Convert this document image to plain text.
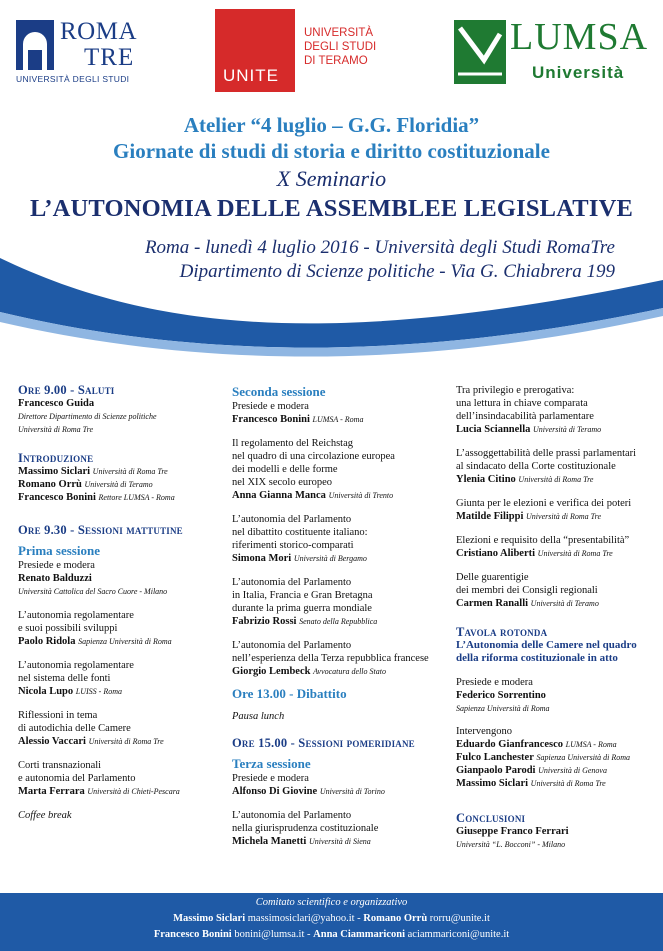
ROMA
TRE
UNIVERSITÀ DEGLI STUDI	UNITE
UNIVERSITÀ
DEGLI STUDI
DI TERAMO
LUMSA
Università
Atelier “4 luglio – G.G. Floridia”
Giornate di studi di storia e diritto costituzionale
X Seminario
L’AUTONOMIA DELLE ASSEMBLEE LEGISLATIVE
Roma - lunedì 4 luglio 2016 - Università degli Studi RomaTre
Dipartimento di Scienze politiche - Via G. Chiabrera 199
Ore 9.00 - Saluti
Francesco Guida
Direttore Dipartimento di Scienze politiche
Università di Roma Tre
Introduzione
Massimo Siclari Università di Roma Tre
Romano Orrù Università di Teramo
Francesco Bonini Rettore LUMSA - Roma
Ore 9.30 - Sessioni mattutine
Prima sessione
Presiede e modera
Renato Balduzzi
Università Cattolica del Sacro Cuore - Milano
L’autonomia regolamentare
e suoi possibili sviluppi
Paolo Ridola Sapienza Università di Roma
L’autonomia regolamentare
nel sistema delle fonti
Nicola Lupo LUISS - Roma
Riflessioni in tema
di autodichia delle Camere
Alessio Vaccari Università di Roma Tre
Corti transnazionali
e autonomia del Parlamento
Marta Ferrara Università di Chieti-Pescara
Coffee break
Seconda sessione
Presiede e modera
Francesco Bonini LUMSA - Roma
Il regolamento del Reichstag
nel quadro di una circolazione europea
dei modelli e delle forme
nel XIX secolo europeo
Anna Gianna Manca Università di Trento
L’autonomia del Parlamento
nel dibattito costituente italiano:
riferimenti storico-comparati
Simona Mori Università di Bergamo
L’autonomia del Parlamento
in Italia, Francia e Gran Bretagna
durante la prima guerra mondiale
Fabrizio Rossi Senato della Repubblica
L’autonomia del Parlamento
nell’esperienza della Terza repubblica francese
Giorgio Lembeck Avvocatura dello Stato
Ore 13.00 - Dibattito
Pausa lunch
Ore 15.00 - Sessioni pomeridiane
Terza sessione
Presiede e modera
Alfonso Di Giovine Università di Torino
L’autonomia del Parlamento
nella giurisprudenza costituzionale
Michela Manetti Università di Siena
Tra privilegio e prerogativa:
una lettura in chiave comparata
dell’insindacabilità parlamentare
Lucia Sciannella Università di Teramo
L’assoggettabilità delle prassi parlamentari
al sindacato della Corte costituzionale
Ylenia Citino Università di Roma Tre
Giunta per le elezioni e verifica dei poteri
Matilde Filippi Università di Roma Tre
Elezioni e requisito della “presentabilità”
Cristiano Aliberti Università di Roma Tre
Delle guarentigie
dei membri dei Consigli regionali
Carmen Ranalli Università di Teramo
Tavola rotonda
L’Autonomia delle Camere nel quadro
della riforma costituzionale in atto
Presiede e modera
Federico Sorrentino
Sapienza Università di Roma
Intervengono
Eduardo Gianfrancesco LUMSA - Roma
Fulco Lanchester Sapienza Università di Roma
Gianpaolo Parodi Università di Genova
Massimo Siclari Università di Roma Tre
Conclusioni
Giuseppe Franco Ferrari
Università “L. Bocconi” - Milano
Comitato scientifico e organizzativo
Massimo Siclari massimosiclari@yahoo.it - Romano Orrù rorru@unite.it
Francesco Bonini bonini@lumsa.it - Anna Ciammariconi aciammariconi@unite.it
